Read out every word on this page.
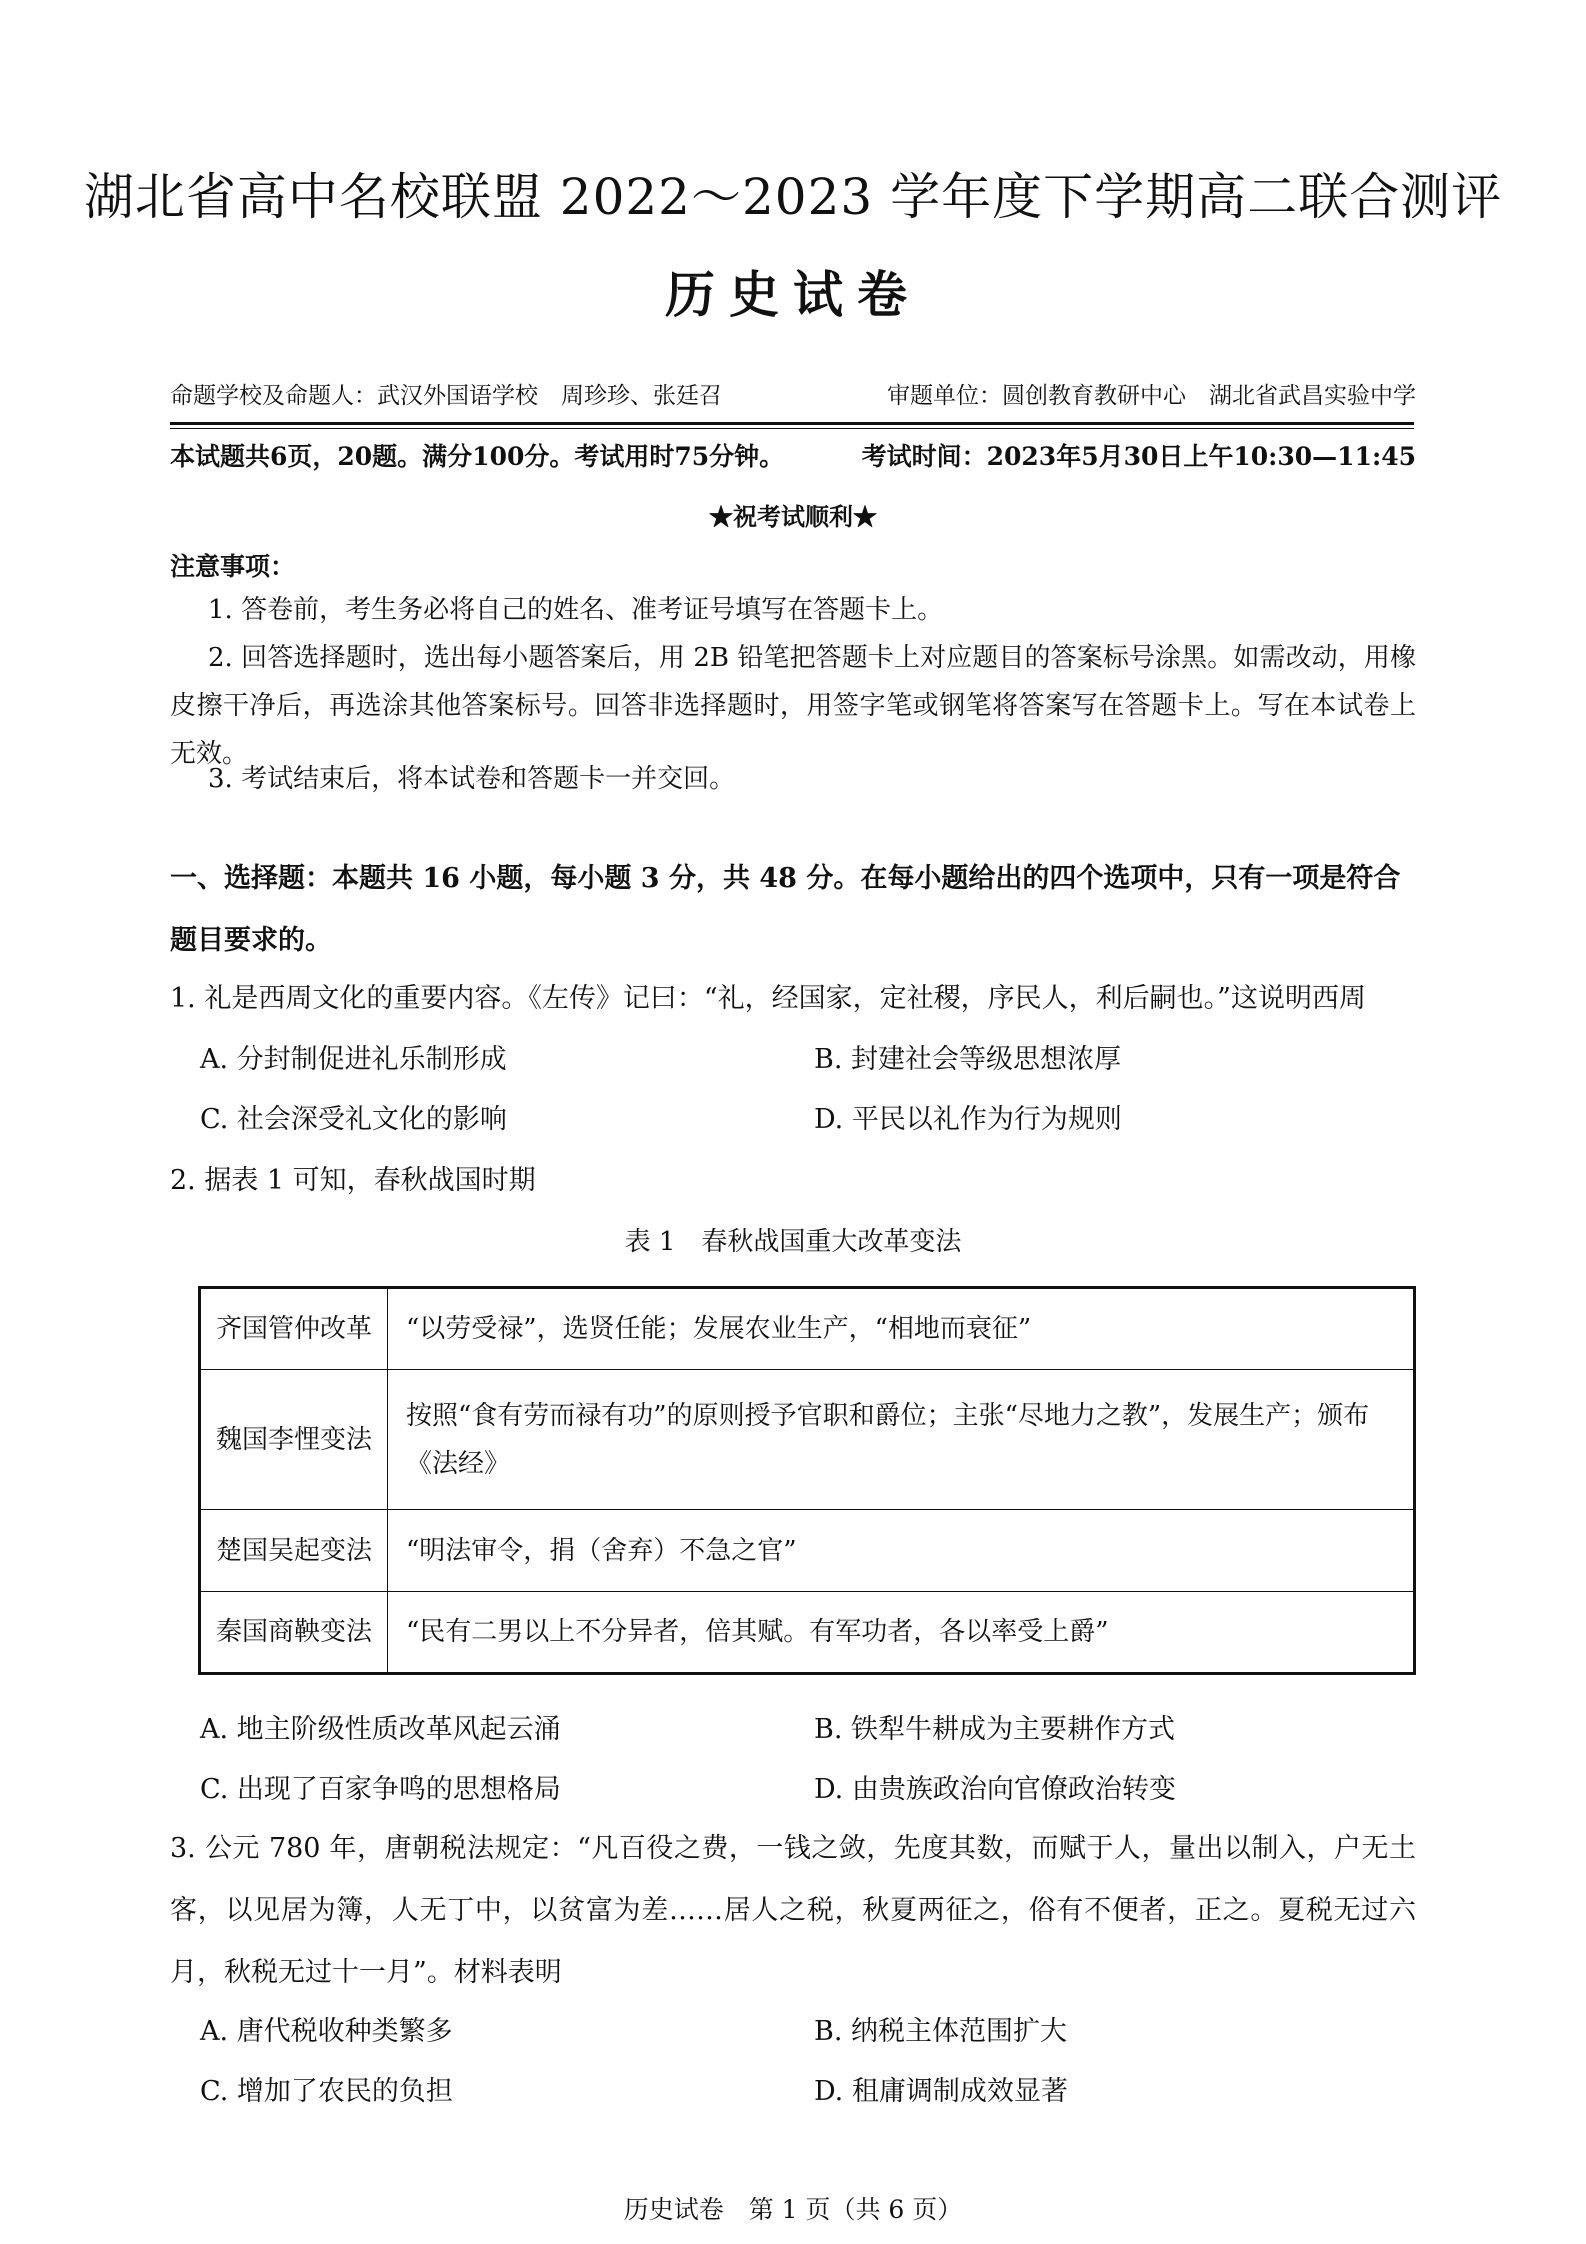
湖北省高中名校联盟 2022～2023 学年度下学期高二联合测评
历史试卷
命题学校及命题人：武汉外国语学校　周珍珍、张廷召	审题单位：圆创教育教研中心　湖北省武昌实验中学
本试题共6页，20题。满分100分。考试用时75分钟。	考试时间：2023年5月30日上午10:30—11:45
★祝考试顺利★
注意事项：
1. 答卷前，考生务必将自己的姓名、准考证号填写在答题卡上。
2. 回答选择题时，选出每小题答案后，用 2B 铅笔把答题卡上对应题目的答案标号涂黑。如需改动，用橡皮擦干净后，再选涂其他答案标号。回答非选择题时，用签字笔或钢笔将答案写在答题卡上。写在本试卷上无效。
3. 考试结束后，将本试卷和答题卡一并交回。
一、选择题：本题共 16 小题，每小题 3 分，共 48 分。在每小题给出的四个选项中，只有一项是符合题目要求的。
1. 礼是西周文化的重要内容。《左传》记曰：“礼，经国家，定社稷，序民人，利后嗣也。”这说明西周
A. 分封制促进礼乐制形成	B. 封建社会等级思想浓厚
C. 社会深受礼文化的影响	D. 平民以礼作为行为规则
2. 据表 1 可知，春秋战国时期
表 1　春秋战国重大改革变法
齐国管仲改革	“以劳受禄”，选贤任能；发展农业生产，“相地而衰征”
魏国李悝变法	按照“食有劳而禄有功”的原则授予官职和爵位；主张“尽地力之教”，发展生产；颁布《法经》
楚国吴起变法	“明法审令，捐（舍弃）不急之官”
秦国商鞅变法	“民有二男以上不分异者，倍其赋。有军功者，各以率受上爵”
A. 地主阶级性质改革风起云涌	B. 铁犁牛耕成为主要耕作方式
C. 出现了百家争鸣的思想格局	D. 由贵族政治向官僚政治转变
3. 公元 780 年，唐朝税法规定：“凡百役之费，一钱之敛，先度其数，而赋于人，量出以制入，户无土客，以见居为簿，人无丁中，以贫富为差……居人之税，秋夏两征之，俗有不便者，正之。夏税无过六月，秋税无过十一月”。材料表明
A. 唐代税收种类繁多	B. 纳税主体范围扩大
C. 增加了农民的负担	D. 租庸调制成效显著
历史试卷　第 1 页（共 6 页）
